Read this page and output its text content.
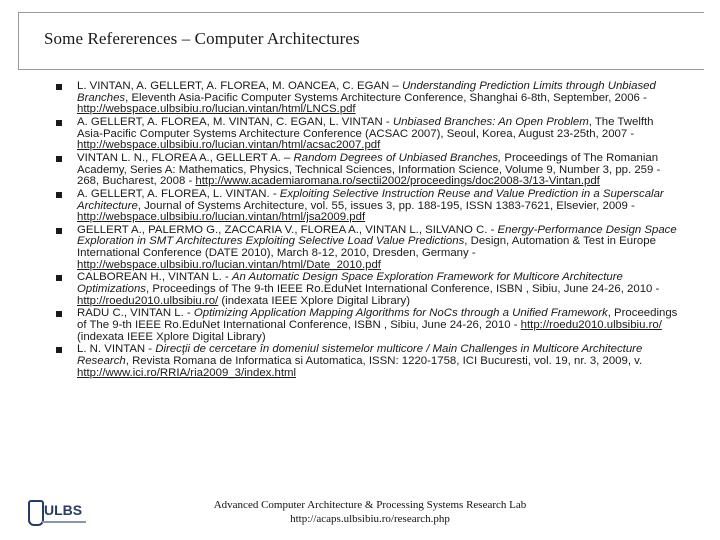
Some Refererences – Computer Architectures
L. VINTAN, A. GELLERT, A. FLOREA, M. OANCEA, C. EGAN – Understanding Prediction Limits through Unbiased Branches, Eleventh Asia-Pacific Computer Systems Architecture Conference, Shanghai 6-8th, September, 2006 - http://webspace.ulbsibiu.ro/lucian.vintan/html/LNCS.pdf
A. GELLERT, A. FLOREA, M. VINTAN, C. EGAN, L. VINTAN - Unbiased Branches: An Open Problem, The Twelfth Asia-Pacific Computer Systems Architecture Conference (ACSAC 2007), Seoul, Korea, August 23-25th, 2007 - http://webspace.ulbsibiu.ro/lucian.vintan/html/acsac2007.pdf
VINTAN L. N., FLOREA A., GELLERT A. – Random Degrees of Unbiased Branches, Proceedings of The Romanian Academy, Series A: Mathematics, Physics, Technical Sciences, Information Science, Volume 9, Number 3, pp. 259 - 268, Bucharest, 2008 - http://www.academiaromana.ro/sectii2002/proceedings/doc2008-3/13-Vintan.pdf
A. GELLERT, A. FLOREA, L. VINTAN. - Exploiting Selective Instruction Reuse and Value Prediction in a Superscalar Architecture, Journal of Systems Architecture, vol. 55, issues 3, pp. 188-195, ISSN 1383-7621, Elsevier, 2009 - http://webspace.ulbsibiu.ro/lucian.vintan/html/jsa2009.pdf
GELLERT A., PALERMO G., ZACCARIA V., FLOREA A., VINTAN L., SILVANO C. - Energy-Performance Design Space Exploration in SMT Architectures Exploiting Selective Load Value Predictions, Design, Automation & Test in Europe International Conference (DATE 2010), March 8-12, 2010, Dresden, Germany - http://webspace.ulbsibiu.ro/lucian.vintan/html/Date_2010.pdf
CALBOREAN H., VINTAN L. - An Automatic Design Space Exploration Framework for Multicore Architecture Optimizations, Proceedings of The 9-th IEEE Ro.EduNet International Conference, ISBN , Sibiu, June 24-26, 2010 - http://roedu2010.ulbsibiu.ro/ (indexata IEEE Xplore Digital Library)
RADU C., VINTAN L. - Optimizing Application Mapping Algorithms for NoCs through a Unified Framework, Proceedings of The 9-th IEEE Ro.EduNet International Conference, ISBN , Sibiu, June 24-26, 2010 - http://roedu2010.ulbsibiu.ro/ (indexata IEEE Xplore Digital Library)
L. N. VINTAN - Direcţii de cercetare în domeniul sistemelor multicore / Main Challenges in Multicore Architecture Research, Revista Romana de Informatica si Automatica, ISSN: 1220-1758, ICI Bucuresti, vol. 19, nr. 3, 2009, v. http://www.ici.ro/RRIA/ria2009_3/index.html
ULBS	Advanced Computer Architecture & Processing Systems Research Lab
http://acaps.ulbsibiu.ro/research.php
